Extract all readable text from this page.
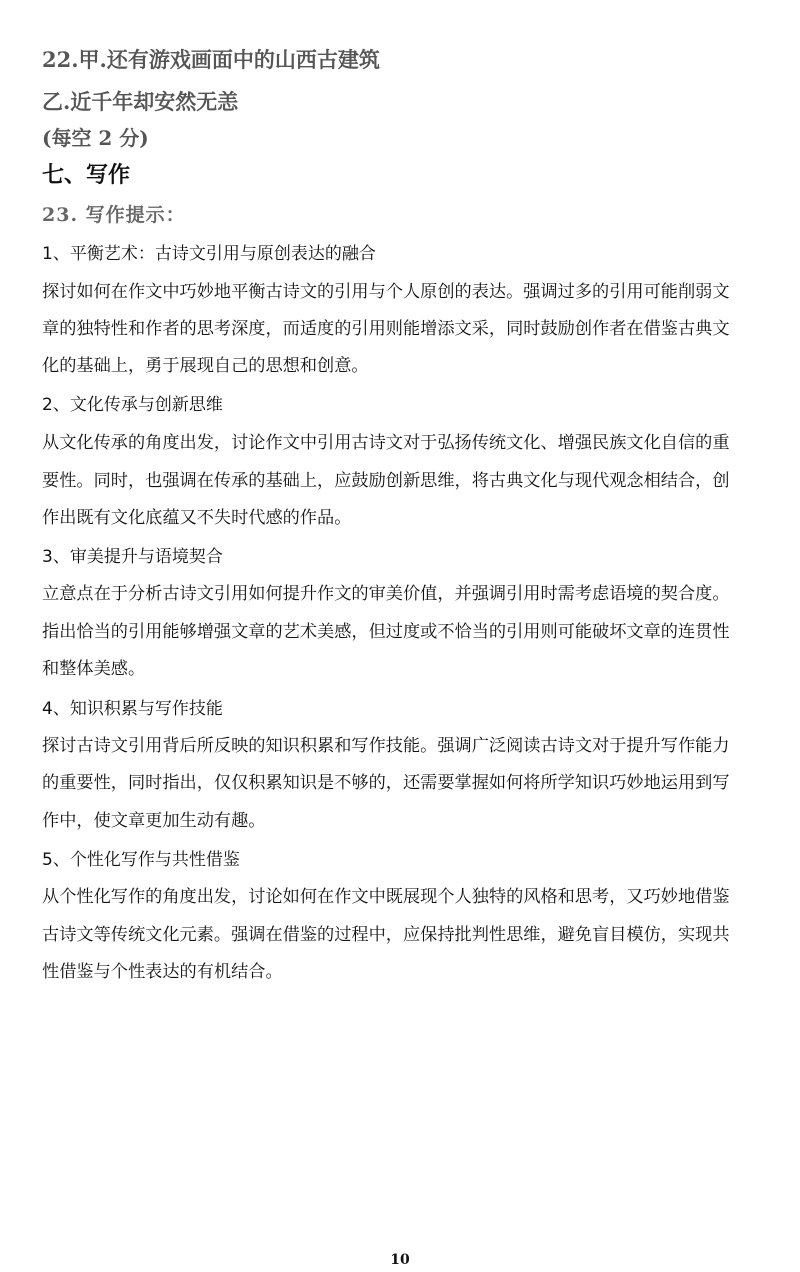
22.甲.还有游戏画面中的山西古建筑
乙.近千年却安然无恙
(每空 2 分)
七、写作
23. 写作提示：
1、平衡艺术：古诗文引用与原创表达的融合
探讨如何在作文中巧妙地平衡古诗文的引用与个人原创的表达。强调过多的引用可能削弱文
章的独特性和作者的思考深度，而适度的引用则能增添文采，同时鼓励创作者在借鉴古典文
化的基础上，勇于展现自己的思想和创意。
2、文化传承与创新思维
从文化传承的角度出发，讨论作文中引用古诗文对于弘扬传统文化、增强民族文化自信的重
要性。同时，也强调在传承的基础上，应鼓励创新思维，将古典文化与现代观念相结合，创
作出既有文化底蕴又不失时代感的作品。
3、审美提升与语境契合
立意点在于分析古诗文引用如何提升作文的审美价值，并强调引用时需考虑语境的契合度。
指出恰当的引用能够增强文章的艺术美感，但过度或不恰当的引用则可能破坏文章的连贯性
和整体美感。
4、知识积累与写作技能
探讨古诗文引用背后所反映的知识积累和写作技能。强调广泛阅读古诗文对于提升写作能力
的重要性，同时指出，仅仅积累知识是不够的，还需要掌握如何将所学知识巧妙地运用到写
作中，使文章更加生动有趣。
5、个性化写作与共性借鉴
从个性化写作的角度出发，讨论如何在作文中既展现个人独特的风格和思考，又巧妙地借鉴
古诗文等传统文化元素。强调在借鉴的过程中，应保持批判性思维，避免盲目模仿，实现共
性借鉴与个性表达的有机结合。
10
